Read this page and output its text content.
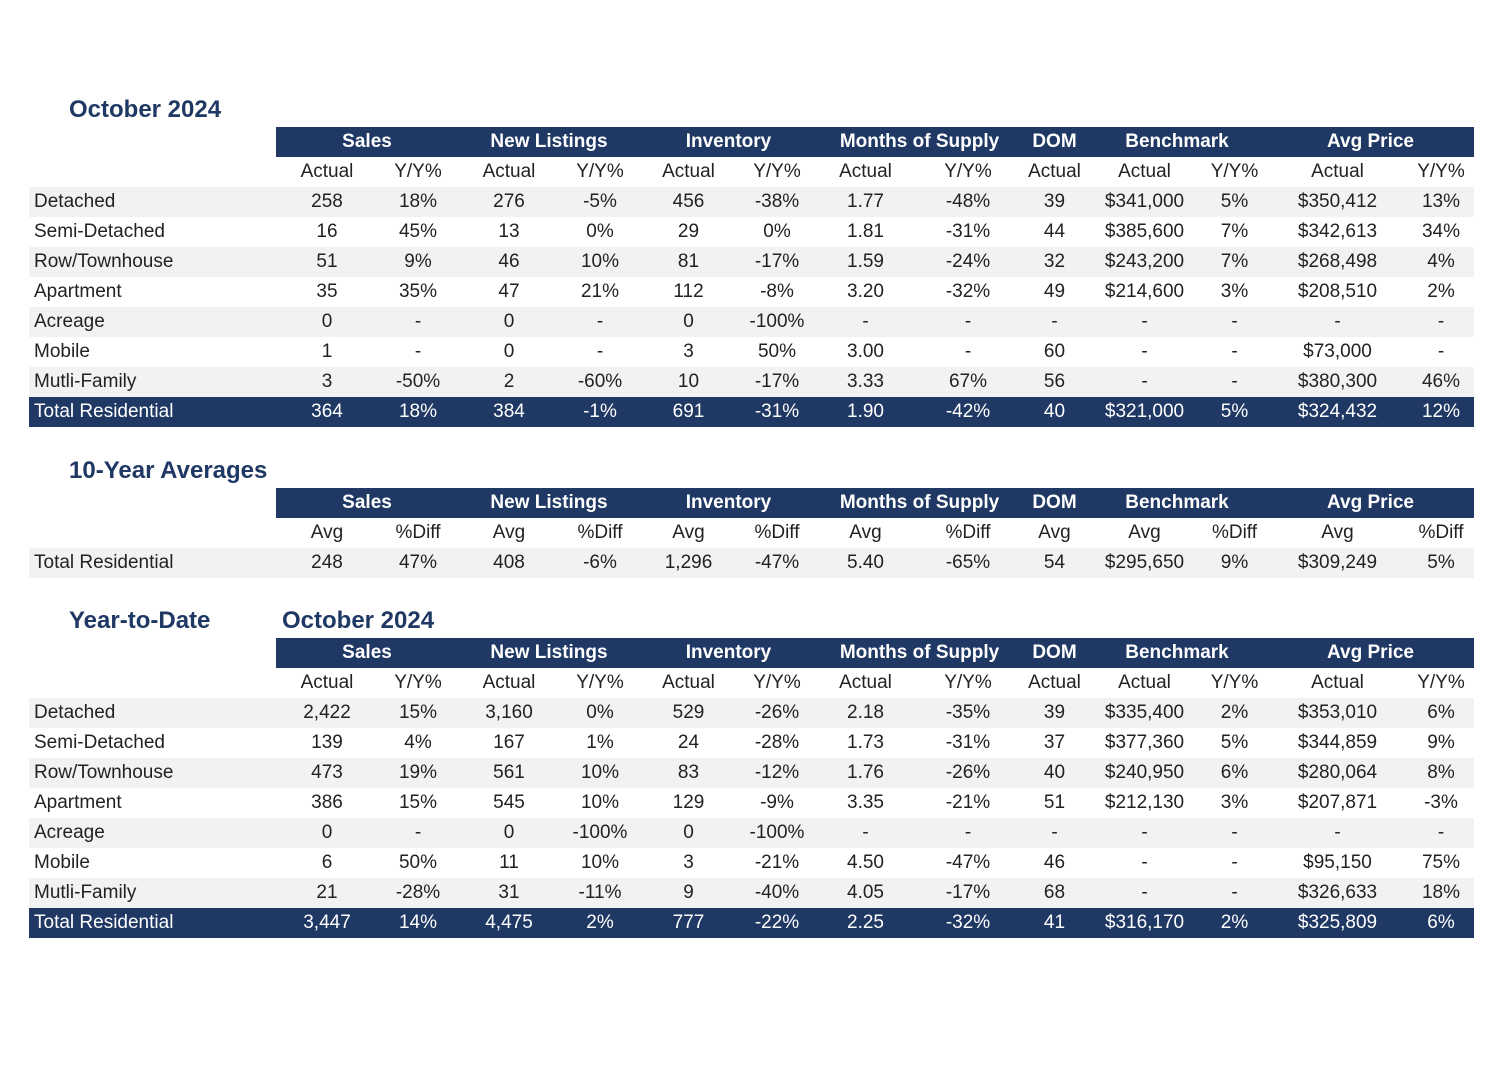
October 2024
	Sales		New Listings		Inventory		Months of Supply		DOM	Benchmark		Avg Price	
	Actual	Y/Y%	Actual	Y/Y%	Actual	Y/Y%	Actual	Y/Y%	Actual	Actual	Y/Y%	Actual	Y/Y%
Detached	258	18%	276	-5%	456	-38%	1.77	-48%	39	$341,000	5%	$350,412	13%
Semi-Detached	16	45%	13	0%	29	0%	1.81	-31%	44	$385,600	7%	$342,613	34%
Row/Townhouse	51	9%	46	10%	81	-17%	1.59	-24%	32	$243,200	7%	$268,498	4%
Apartment	35	35%	47	21%	112	-8%	3.20	-32%	49	$214,600	3%	$208,510	2%
Acreage	0	-	0	-	0	-100%	-	-	-	-	-	-	-
Mobile	1	-	0	-	3	50%	3.00	-	60	-	-	$73,000	-
Mutli-Family	3	-50%	2	-60%	10	-17%	3.33	67%	56	-	-	$380,300	46%
Total Residential	364	18%	384	-1%	691	-31%	1.90	-42%	40	$321,000	5%	$324,432	12%
10-Year Averages
	Sales		New Listings		Inventory		Months of Supply		DOM	Benchmark		Avg Price	
	Avg	%Diff	Avg	%Diff	Avg	%Diff	Avg	%Diff	Avg	Avg	%Diff	Avg	%Diff
Total Residential	248	47%	408	-6%	1,296	-47%	5.40	-65%	54	$295,650	9%	$309,249	5%
Year-to-Date	October 2024
	Sales		New Listings		Inventory		Months of Supply		DOM	Benchmark		Avg Price	
	Actual	Y/Y%	Actual	Y/Y%	Actual	Y/Y%	Actual	Y/Y%	Actual	Actual	Y/Y%	Actual	Y/Y%
Detached	2,422	15%	3,160	0%	529	-26%	2.18	-35%	39	$335,400	2%	$353,010	6%
Semi-Detached	139	4%	167	1%	24	-28%	1.73	-31%	37	$377,360	5%	$344,859	9%
Row/Townhouse	473	19%	561	10%	83	-12%	1.76	-26%	40	$240,950	6%	$280,064	8%
Apartment	386	15%	545	10%	129	-9%	3.35	-21%	51	$212,130	3%	$207,871	-3%
Acreage	0	-	0	-100%	0	-100%	-	-	-	-	-	-	-
Mobile	6	50%	11	10%	3	-21%	4.50	-47%	46	-	-	$95,150	75%
Mutli-Family	21	-28%	31	-11%	9	-40%	4.05	-17%	68	-	-	$326,633	18%
Total Residential	3,447	14%	4,475	2%	777	-22%	2.25	-32%	41	$316,170	2%	$325,809	6%
